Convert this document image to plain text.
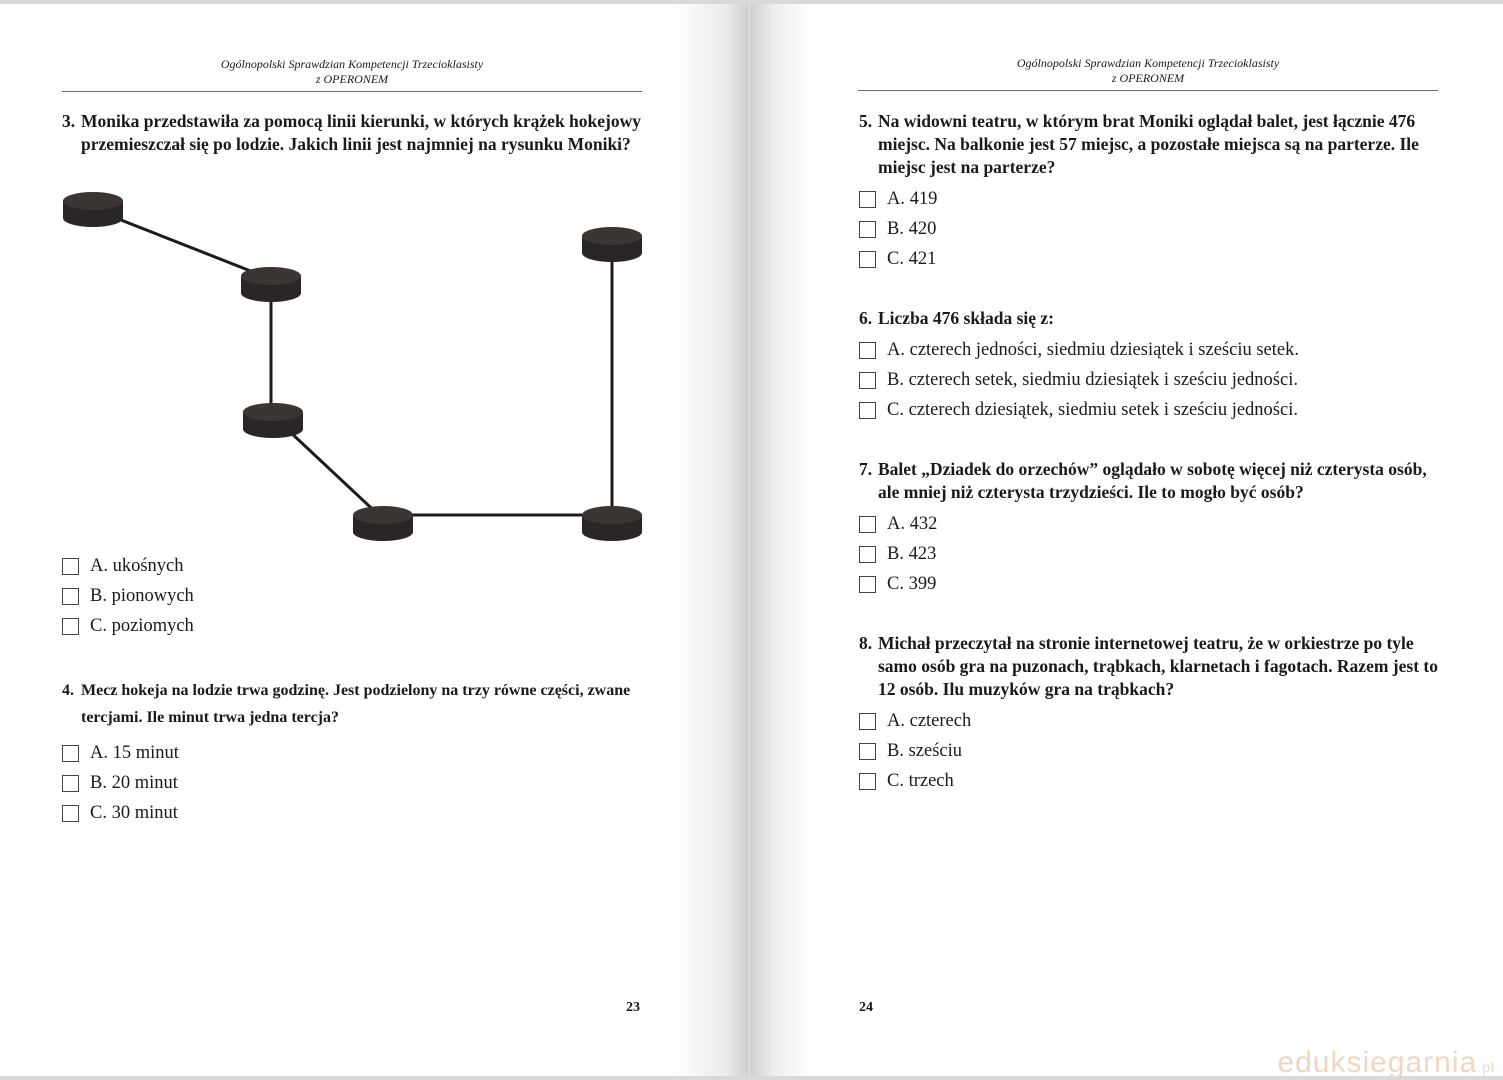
Ogólnopolski Sprawdzian Kompetencji Trzecioklasisty
z OPERONEM
3. Monika przedstawiła za pomocą linii kierunki, w których krążek hokejowy przemieszczał się po lodzie. Jakich linii jest najmniej na rysunku Moniki?
A. ukośnych
B. pionowych
C. poziomych
4. Mecz hokeja na lodzie trwa godzinę. Jest podzielony na trzy równe części, zwane tercjami. Ile minut trwa jedna tercja?
A. 15 minut
B. 20 minut
C. 30 minut
23
Ogólnopolski Sprawdzian Kompetencji Trzecioklasisty
z OPERONEM
5. Na widowni teatru, w którym brat Moniki oglądał balet, jest łącznie 476 miejsc. Na balkonie jest 57 miejsc, a pozostałe miejsca są na parterze. Ile miejsc jest na parterze?
A. 419
B. 420
C. 421
6. Liczba 476 składa się z:
A. czterech jedności, siedmiu dziesiątek i sześciu setek.
B. czterech setek, siedmiu dziesiątek i sześciu jedności.
C. czterech dziesiątek, siedmiu setek i sześciu jedności.
7. Balet „Dziadek do orzechów” oglądało w sobotę więcej niż czterysta osób, ale mniej niż czterysta trzydzieści. Ile to mogło być osób?
A. 432
B. 423
C. 399
8. Michał przeczytał na stronie internetowej teatru, że w orkiestrze po tyle samo osób gra na puzonach, trąbkach, klarnetach i fagotach. Razem jest to 12 osób. Ilu muzyków gra na trąbkach?
A. czterech
B. sześciu
C. trzech
24
eduksiegarnia.pl
